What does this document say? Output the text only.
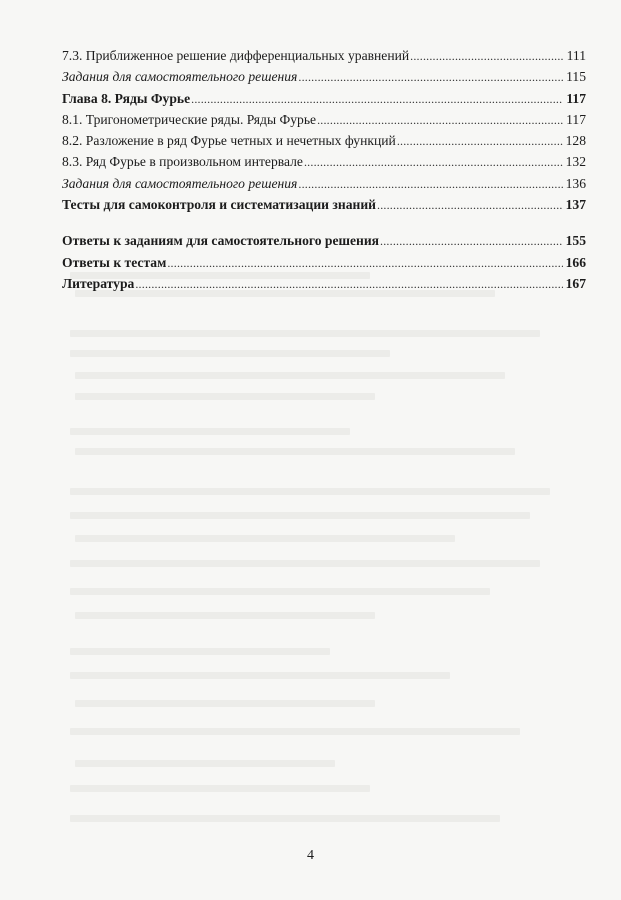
7.3. Приближенное решение дифференциальных уравнений . . .	111
Задания для самостоятельного решения . . .	115
Глава 8. Ряды Фурье . . .	117
8.1. Тригонометрические ряды. Ряды Фурье . . .	117
8.2. Разложение в ряд Фурье четных и нечетных функций . . .	128
8.3. Ряд Фурье в произвольном интервале . . .	132
Задания для самостоятельного решения . . .	136
Тесты для самоконтроля и систематизации знаний . . .	137
Ответы к заданиям для самостоятельного решения . . .	155
Ответы к тестам . . .	166
Литература . . .	167
4
